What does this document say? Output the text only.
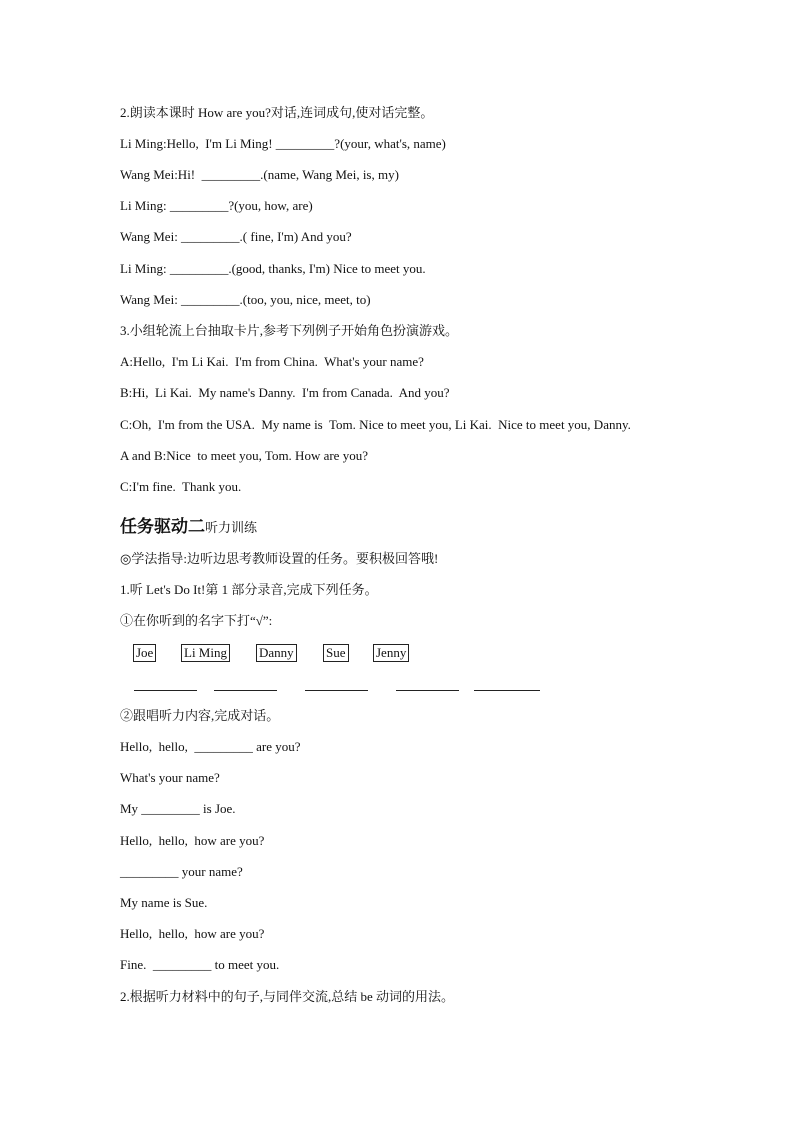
2.朗读本课时 How are you?对话,连词成句,使对话完整。
Li Ming:Hello,  I'm Li Ming! _________?(your, what's, name)
Wang Mei:Hi!  _________.(name, Wang Mei, is, my)
Li Ming: _________?(you, how, are)
Wang Mei: _________.( fine, I'm) And you?
Li Ming: _________.(good, thanks, I'm) Nice to meet you.
Wang Mei: _________.(too, you, nice, meet, to)
3.小组轮流上台抽取卡片,参考下列例子开始角色扮演游戏。
A:Hello,  I'm Li Kai.  I'm from China.  What's your name?
B:Hi,  Li Kai.  My name's Danny.  I'm from Canada.  And you?
C:Oh,  I'm from the USA.  My name is  Tom. Nice to meet you, Li Kai.  Nice to meet you, Danny.
A and B:Nice  to meet you, Tom. How are you?
C:I'm fine.  Thank you.
任务驱动二听力训练
◎学法指导:边听边思考教师设置的任务。要积极回答哦!
1.听 Let's Do It!第 1 部分录音,完成下列任务。
①在你听到的名字下打“√”:
Joe Li Ming Danny Sue Jenny
②跟唱听力内容,完成对话。
Hello,  hello,  _________ are you?
What's your name?
My _________ is Joe.
Hello,  hello,  how are you?
_________ your name?
My name is Sue.
Hello,  hello,  how are you?
Fine.  _________ to meet you.
2.根据听力材料中的句子,与同伴交流,总结 be 动词的用法。
